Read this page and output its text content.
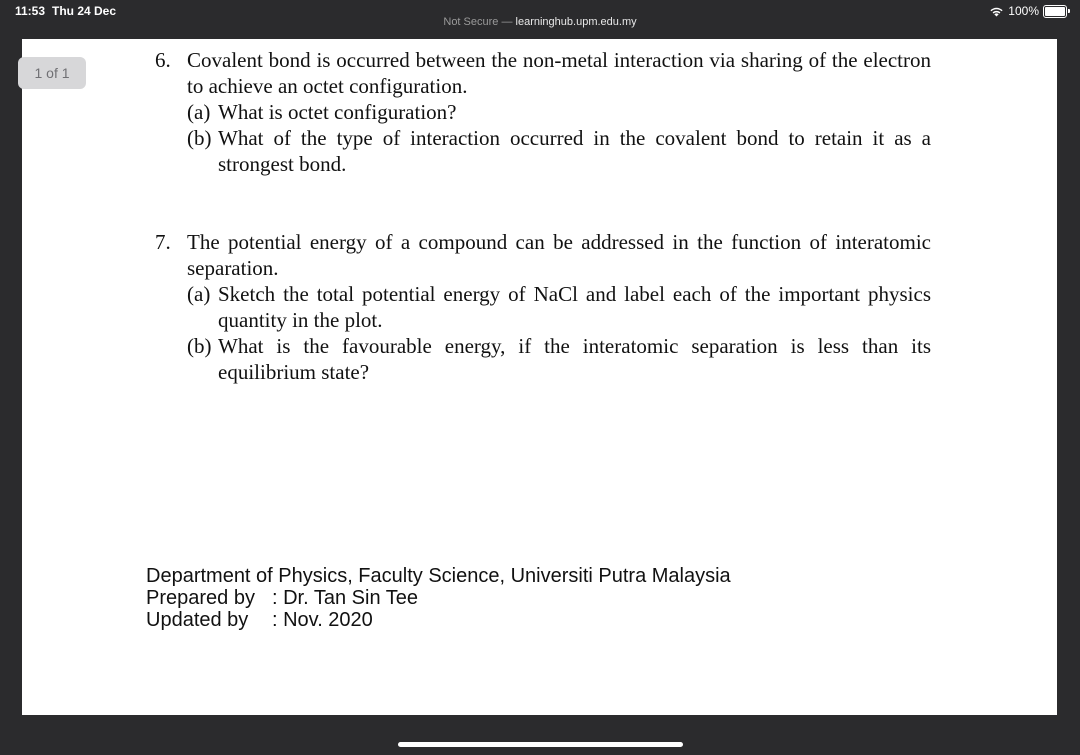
11:53 Thu 24 Dec	100%
Not Secure — learninghub.upm.edu.my
1 of 1
6. Covalent bond is occurred between the non-metal interaction via sharing of the electron
to achieve an octet configuration.
(a) What is octet configuration?
(b) What of the type of interaction occurred in the covalent bond to retain it as a
strongest bond.
7. The potential energy of a compound can be addressed in the function of interatomic
separation.
(a) Sketch the total potential energy of NaCl and label each of the important physics
quantity in the plot.
(b) What is the favourable energy, if the interatomic separation is less than its
equilibrium state?
Department of Physics, Faculty Science, Universiti Putra Malaysia
Prepared by : Dr. Tan Sin Tee
Updated by : Nov. 2020
